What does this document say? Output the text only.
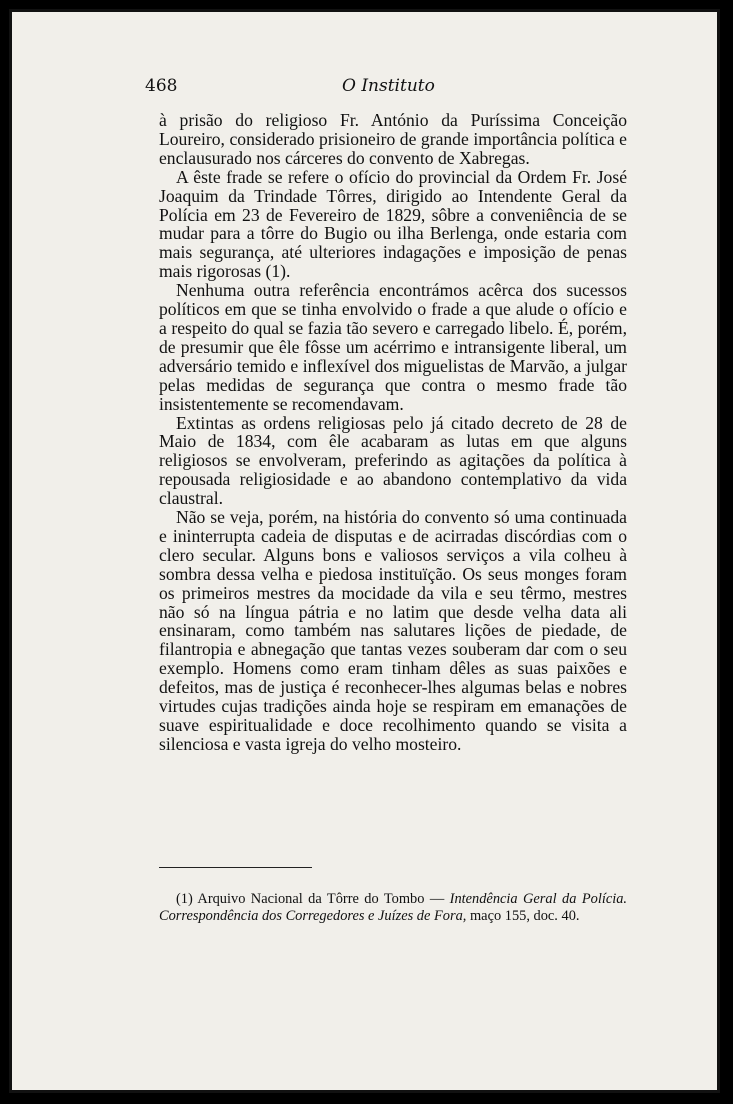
468	O Instituto

à prisão do religioso Fr. António da Puríssima Conceição Loureiro, considerado prisioneiro de grande importância política e enclausurado nos cárceres do convento de Xabregas.

A êste frade se refere o ofício do provincial da Ordem Fr. José Joaquim da Trindade Tôrres, dirigido ao Intendente Geral da Polícia em 23 de Fevereiro de 1829, sôbre a conveniência de se mudar para a tôrre do Bugio ou ilha Berlenga, onde estaria com mais segurança, até ulteriores indagações e imposição de penas mais rigorosas (1).

Nenhuma outra referência encontrámos acêrca dos sucessos políticos em que se tinha envolvido o frade a que alude o ofício e a respeito do qual se fazia tão severo e carregado libelo. É, porém, de presumir que êle fôsse um acérrimo e intransigente liberal, um adversário temido e inflexível dos miguelistas de Marvão, a julgar pelas medidas de segurança que contra o mesmo frade tão insistentemente se recomendavam.

Extintas as ordens religiosas pelo já citado decreto de 28 de Maio de 1834, com êle acabaram as lutas em que alguns religiosos se envolveram, preferindo as agitações da política à repousada religiosidade e ao abandono contemplativo da vida claustral.

Não se veja, porém, na história do convento só uma continuada e ininterrupta cadeia de disputas e de acirradas discórdias com o clero secular. Alguns bons e valiosos serviços a vila colheu à sombra dessa velha e piedosa instituïção. Os seus monges foram os primeiros mestres da mocidade da vila e seu têrmo, mestres não só na língua pátria e no latim que desde velha data ali ensinaram, como também nas salutares lições de piedade, de filantropia e abnegação que tantas vezes souberam dar com o seu exemplo. Homens como eram tinham dêles as suas paixões e defeitos, mas de justiça é reconhecer-lhes algumas belas e nobres virtudes cujas tradições ainda hoje se respiram em emanações de suave espiritualidade e doce recolhimento quando se visita a silenciosa e vasta igreja do velho mosteiro.

(1) Arquivo Nacional da Tôrre do Tombo — Intendência Geral da Polícia. Correspondência dos Corregedores e Juízes de Fora, maço 155, doc. 40.
